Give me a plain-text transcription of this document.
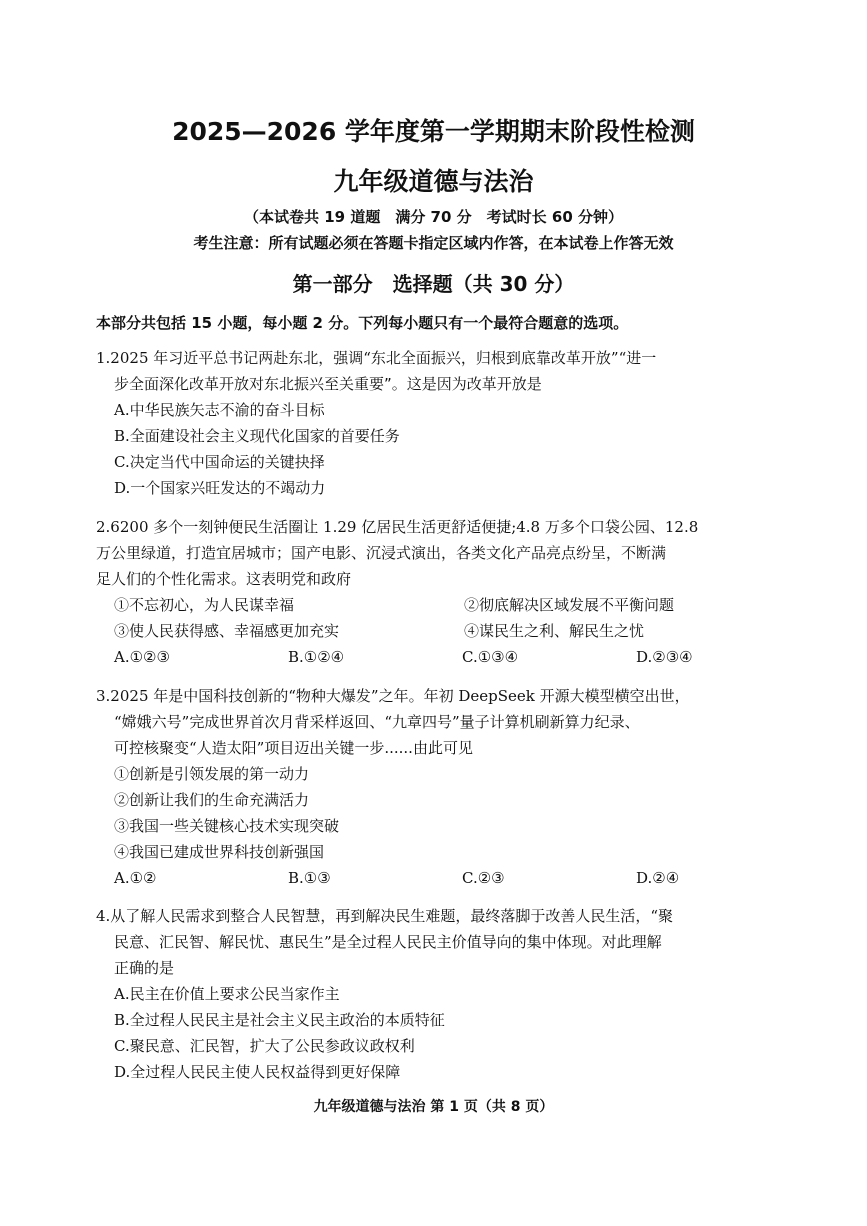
2025—2026 学年度第一学期期末阶段性检测
九年级道德与法治
（本试卷共 19 道题　满分 70 分　考试时长 60 分钟）
考生注意：所有试题必须在答题卡指定区域内作答，在本试卷上作答无效
第一部分　选择题（共 30 分）
本部分共包括 15 小题，每小题 2 分。下列每小题只有一个最符合题意的选项。
1.2025 年习近平总书记两赴东北，强调“东北全面振兴，归根到底靠改革开放”“进一
步全面深化改革开放对东北振兴至关重要”。这是因为改革开放是
A.中华民族矢志不渝的奋斗目标
B.全面建设社会主义现代化国家的首要任务
C.决定当代中国命运的关键抉择
D.一个国家兴旺发达的不竭动力
2.6200 多个一刻钟便民生活圈让 1.29 亿居民生活更舒适便捷;4.8 万多个口袋公园、12.8
万公里绿道，打造宜居城市；国产电影、沉浸式演出，各类文化产品亮点纷呈，不断满
足人们的个性化需求。这表明党和政府
①不忘初心，为人民谋幸福	②彻底解决区域发展不平衡问题
③使人民获得感、幸福感更加充实	④谋民生之利、解民生之忧
A.①②③	B.①②④	C.①③④	D.②③④
3.2025 年是中国科技创新的“物种大爆发”之年。年初 DeepSeek 开源大模型横空出世，
“嫦娥六号”完成世界首次月背采样返回、“九章四号”量子计算机刷新算力纪录、
可控核聚变“人造太阳”项目迈出关键一步......由此可见
①创新是引领发展的第一动力
②创新让我们的生命充满活力
③我国一些关键核心技术实现突破
④我国已建成世界科技创新强国
A.①②	B.①③	C.②③	D.②④
4.从了解人民需求到整合人民智慧，再到解决民生难题，最终落脚于改善人民生活，“聚
民意、汇民智、解民忧、惠民生”是全过程人民民主价值导向的集中体现。对此理解
正确的是
A.民主在价值上要求公民当家作主
B.全过程人民民主是社会主义民主政治的本质特征
C.聚民意、汇民智，扩大了公民参政议政权利
D.全过程人民民主使人民权益得到更好保障
九年级道德与法治 第 1 页（共 8 页）
